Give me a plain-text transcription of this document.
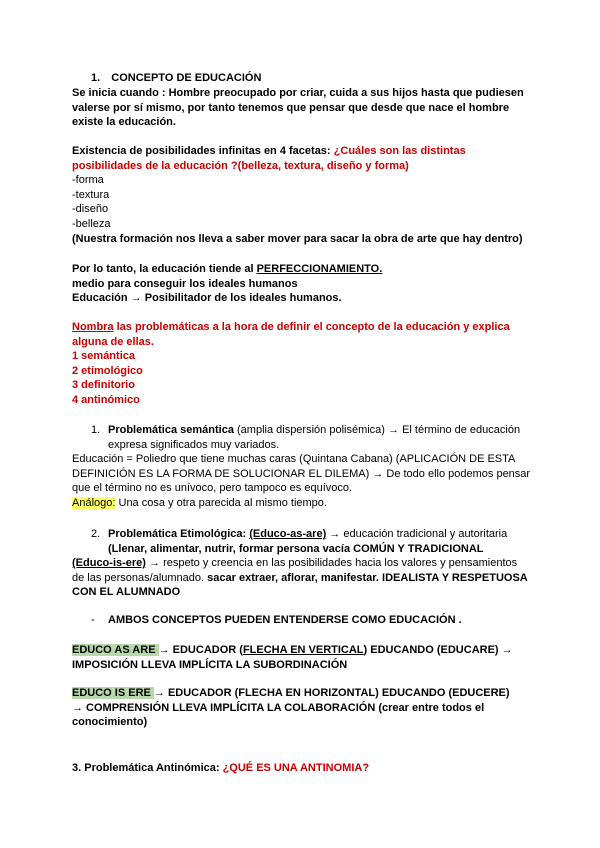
1. CONCEPTO DE EDUCACIÓN

Se inicia cuando : Hombre preocupado por criar, cuida a sus hijos hasta que pudiesen valerse por sí mismo, por tanto tenemos que pensar que desde que nace el hombre existe la educación.

Existencia de posibilidades infinitas en 4 facetas: ¿Cuáles son las distintas posibilidades de la educación ?(belleza, textura, diseño y forma)

-forma

-textura

-diseño

-belleza

(Nuestra formación nos lleva a saber mover para sacar la obra de arte que hay dentro)

Por lo tanto, la educación tiende al PERFECCIONAMIENTO.

medio para conseguir los ideales humanos

Educación → Posibilitador de los ideales humanos.

Nombra las problemáticas a la hora de definir el concepto de la educación y explica alguna de ellas.

1 semántica

2 etimológico

3 definitorio

4 antinómico

1. Problemática semántica (amplia dispersión polisémica) → El término de educación

expresa significados muy variados.

Educación = Poliedro que tiene muchas caras (Quintana Cabana) (APLICACIÓN DE ESTA DEFINICIÓN ES LA FORMA DE SOLUCIONAR EL DILEMA) → De todo ello podemos pensar que el término no es unívoco, pero tampoco es equívoco.

Análogo: Una cosa y otra parecida al mismo tiempo.

2. Problemática Etimológica: (Educo-as-are) → educación tradicional y autoritaria

(Llenar, alimentar, nutrir, formar persona vacía COMÚN Y TRADICIONAL

(Educo-is-ere) → respeto y creencia en las posibilidades hacia los valores y pensamientos de las personas/alumnado. sacar extraer, aflorar, manifestar. IDEALISTA Y RESPETUOSA CON EL ALUMNADO

- AMBOS CONCEPTOS PUEDEN ENTENDERSE COMO EDUCACIÓN .

EDUCO AS ARE → EDUCADOR (FLECHA EN VERTICAL) EDUCANDO (EDUCARE) →

IMPOSICIÓN LLEVA IMPLÍCITA LA SUBORDINACIÓN

EDUCO IS ERE → EDUCADOR (FLECHA EN HORIZONTAL) EDUCANDO (EDUCERE)

→ COMPRENSIÓN LLEVA IMPLÍCITA LA COLABORACIÓN (crear entre todos el conocimiento)

3. Problemática Antinómica: ¿QUÉ ES UNA ANTINOMIA?
